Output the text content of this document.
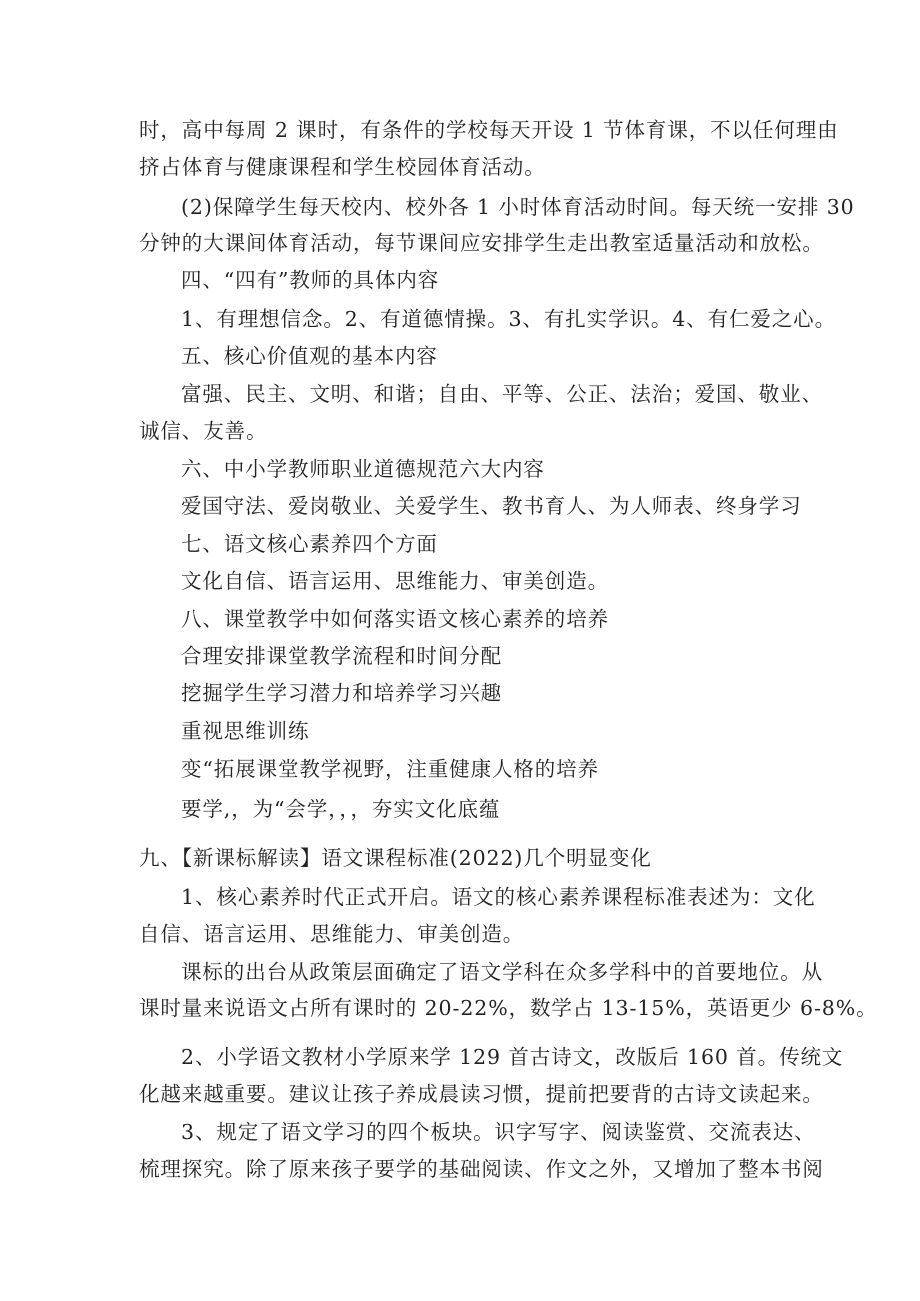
时，高中每周 2 课时，有条件的学校每天开设 1 节体育课，不以任何理由
挤占体育与健康课程和学生校园体育活动。
(2)保障学生每天校内、校外各 1 小时体育活动时间。每天统一安排 30
分钟的大课间体育活动，每节课间应安排学生走出教室适量活动和放松。
四、“四有”教师的具体内容
1、有理想信念。2、有道德情操。3、有扎实学识。4、有仁爱之心。
五、核心价值观的基本内容
富强、民主、文明、和谐；自由、平等、公正、法治；爱国、敬业、
诚信、友善。
六、中小学教师职业道德规范六大内容
爱国守法、爱岗敬业、关爱学生、教书育人、为人师表、终身学习
七、语文核心素养四个方面
文化自信、语言运用、思维能力、审美创造。
八、课堂教学中如何落实语文核心素养的培养
合理安排课堂教学流程和时间分配
挖掘学生学习潜力和培养学习兴趣
重视思维训练
变“拓展课堂教学视野，注重健康人格的培养
要学,，为“会学，，，夯实文化底蕴
九、【新课标解读】语文课程标准(2022)几个明显变化
1、核心素养时代正式开启。语文的核心素养课程标准表述为：文化
自信、语言运用、思维能力、审美创造。
课标的出台从政策层面确定了语文学科在众多学科中的首要地位。从
课时量来说语文占所有课时的 20-22%，数学占 13-15%，英语更少 6-8%。
2、小学语文教材小学原来学 129 首古诗文，改版后 160 首。传统文
化越来越重要。建议让孩子养成晨读习惯，提前把要背的古诗文读起来。
3、规定了语文学习的四个板块。识字写字、阅读鉴赏、交流表达、
梳理探究。除了原来孩子要学的基础阅读、作文之外，又增加了整本书阅
